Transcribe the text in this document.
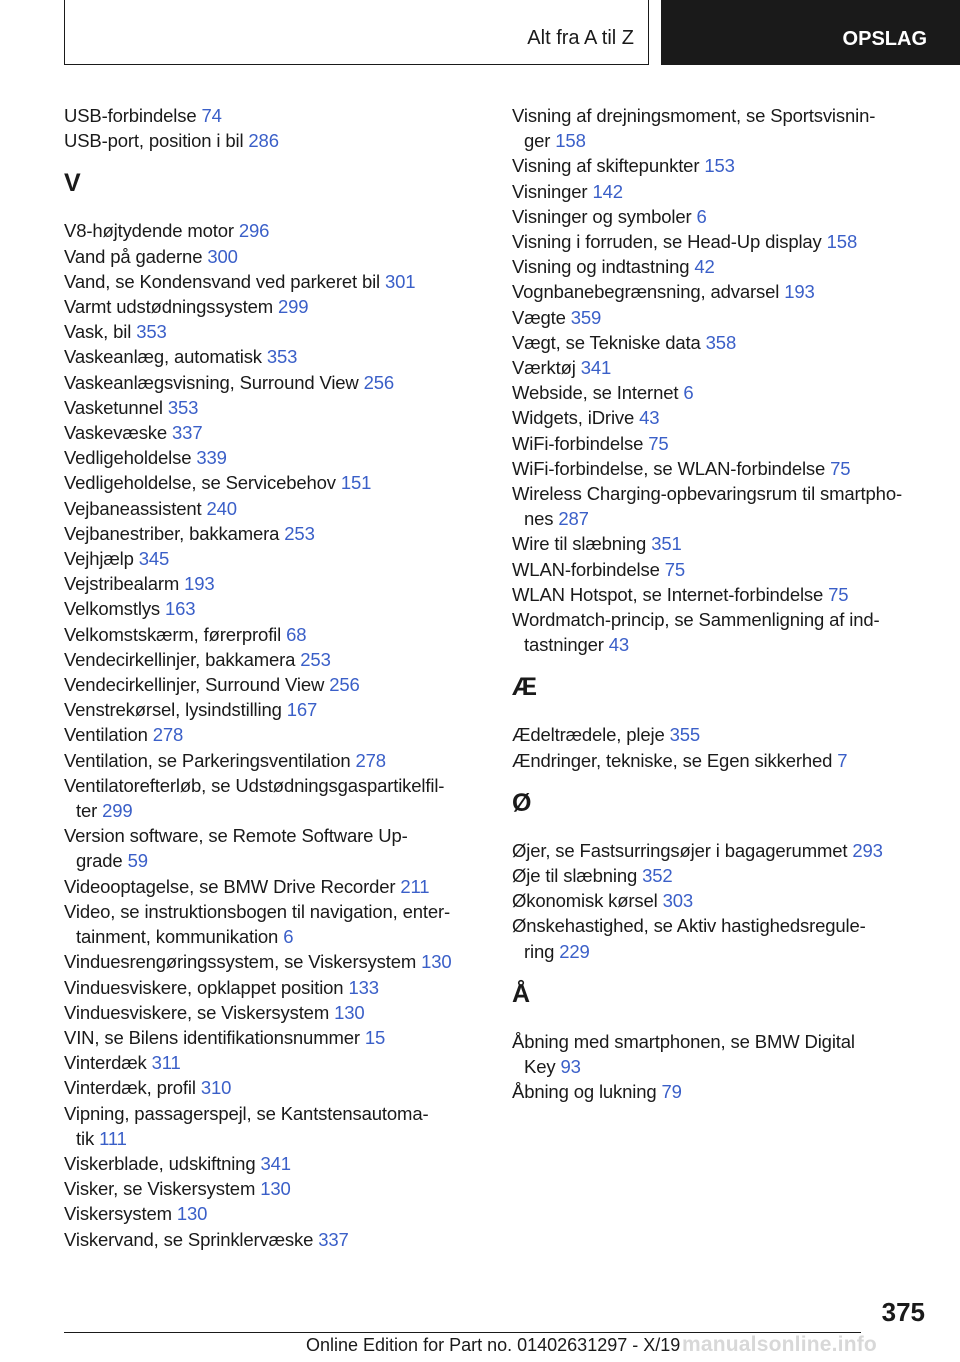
Alt fra A til Z	OPSLAG
USB-forbindelse 74
USB-port, position i bil 286
V
V8-højtydende motor 296
Vand på gaderne 300
Vand, se Kondensvand ved parkeret bil 301
Varmt udstødningssystem 299
Vask, bil 353
Vaskeanlæg, automatisk 353
Vaskeanlægsvisning, Surround View 256
Vasketunnel 353
Vaskevæske 337
Vedligeholdelse 339
Vedligeholdelse, se Servicebehov 151
Vejbaneassistent 240
Vejbanestriber, bakkamera 253
Vejhjælp 345
Vejstribealarm 193
Velkomstlys 163
Velkomstskærm, førerprofil 68
Vendecirkellinjer, bakkamera 253
Vendecirkellinjer, Surround View 256
Venstrekørsel, lysindstilling 167
Ventilation 278
Ventilation, se Parkeringsventilation 278
Ventilatorefterløb, se Udstødningsgaspartikelfil-
ter 299
Version software, se Remote Software Up-
grade 59
Videooptagelse, se BMW Drive Recorder 211
Video, se instruktionsbogen til navigation, enter-
tainment, kommunikation 6
Vinduesrengøringssystem, se Viskersystem 130
Vinduesviskere, opklappet position 133
Vinduesviskere, se Viskersystem 130
VIN, se Bilens identifikationsnummer 15
Vinterdæk 311
Vinterdæk, profil 310
Vipning, passagerspejl, se Kantstensautoma-
tik 111
Viskerblade, udskiftning 341
Visker, se Viskersystem 130
Viskersystem 130
Viskervand, se Sprinklervæske 337
Visning af drejningsmoment, se Sportsvisnin-
ger 158
Visning af skiftepunkter 153
Visninger 142
Visninger og symboler 6
Visning i forruden, se Head-Up display 158
Visning og indtastning 42
Vognbanebegrænsning, advarsel 193
Vægte 359
Vægt, se Tekniske data 358
Værktøj 341
Webside, se Internet 6
Widgets, iDrive 43
WiFi-forbindelse 75
WiFi-forbindelse, se WLAN-forbindelse 75
Wireless Charging-opbevaringsrum til smartpho-
nes 287
Wire til slæbning 351
WLAN-forbindelse 75
WLAN Hotspot, se Internet-forbindelse 75
Wordmatch-princip, se Sammenligning af ind-
tastninger 43
Æ
Ædeltrædele, pleje 355
Ændringer, tekniske, se Egen sikkerhed 7
Ø
Øjer, se Fastsurringsøjer i bagagerummet 293
Øje til slæbning 352
Økonomisk kørsel 303
Ønskehastighed, se Aktiv hastighedsregule-
ring 229
Å
Åbning med smartphonen, se BMW Digital
Key 93
Åbning og lukning 79
375
Online Edition for Part no. 01402631297 - X/19 manualsonline.info
